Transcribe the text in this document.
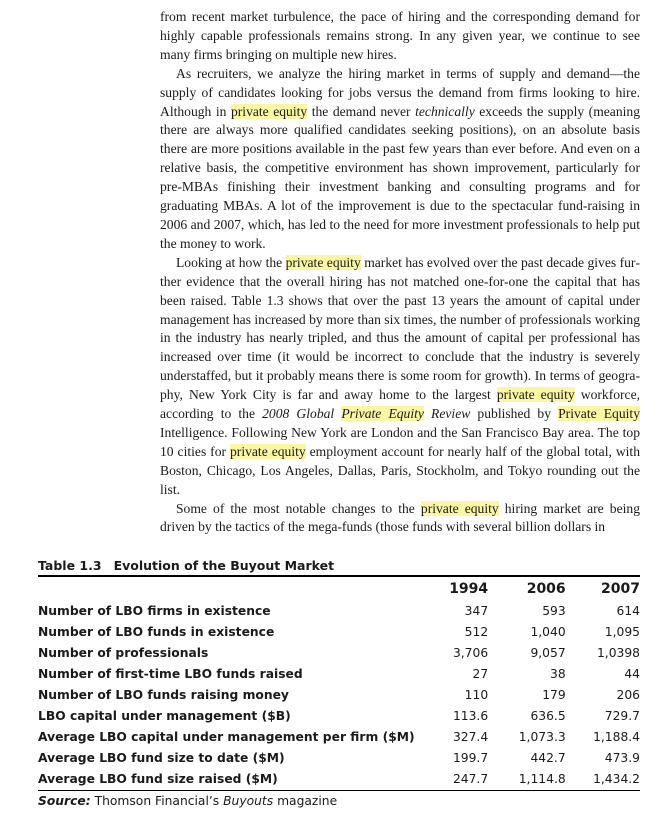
from recent market turbulence, the pace of hiring and the corresponding demand for highly capable professionals remains strong. In any given year, we continue to see many firms bringing on multiple new hires.

As recruiters, we analyze the hiring market in terms of supply and demand—the supply of candidates looking for jobs versus the demand from firms looking to hire. Although in private equity the demand never technically exceeds the supply (meaning there are always more qualified candidates seeking positions), on an absolute basis there are more positions available in the past few years than ever before. And even on a relative basis, the competitive environment has shown improvement, particularly for pre-MBAs finishing their investment banking and consulting programs and for graduating MBAs. A lot of the improvement is due to the spectacular fund-raising in 2006 and 2007, which, has led to the need for more investment professionals to help put the money to work.

Looking at how the private equity market has evolved over the past decade gives further evidence that the overall hiring has not matched one-for-one the capital that has been raised. Table 1.3 shows that over the past 13 years the amount of capital under management has increased by more than six times, the number of professionals working in the industry has nearly tripled, and thus the amount of capital per professional has increased over time (it would be incorrect to conclude that the industry is severely understaffed, but it probably means there is some room for growth). In terms of geography, New York City is far and away home to the largest private equity workforce, according to the 2008 Global Private Equity Review published by Private Equity Intelligence. Following New York are London and the San Francisco Bay area. The top 10 cities for private equity employment account for nearly half of the global total, with Boston, Chicago, Los Angeles, Dallas, Paris, Stockholm, and Tokyo rounding out the list.

Some of the most notable changes to the private equity hiring market are being driven by the tactics of the mega-funds (those funds with several billion dollars in

Table 1.3 Evolution of the Buyout Market
	1994	2006	2007
Number of LBO firms in existence	347	593	614
Number of LBO funds in existence	512	1,040	1,095
Number of professionals	3,706	9,057	1,0398
Number of first-time LBO funds raised	27	38	44
Number of LBO funds raising money	110	179	206
LBO capital under management ($B)	113.6	636.5	729.7
Average LBO capital under management per firm ($M)	327.4	1,073.3	1,188.4
Average LBO fund size to date ($M)	199.7	442.7	473.9
Average LBO fund size raised ($M)	247.7	1,114.8	1,434.2
Source: Thomson Financial’s Buyouts magazine
